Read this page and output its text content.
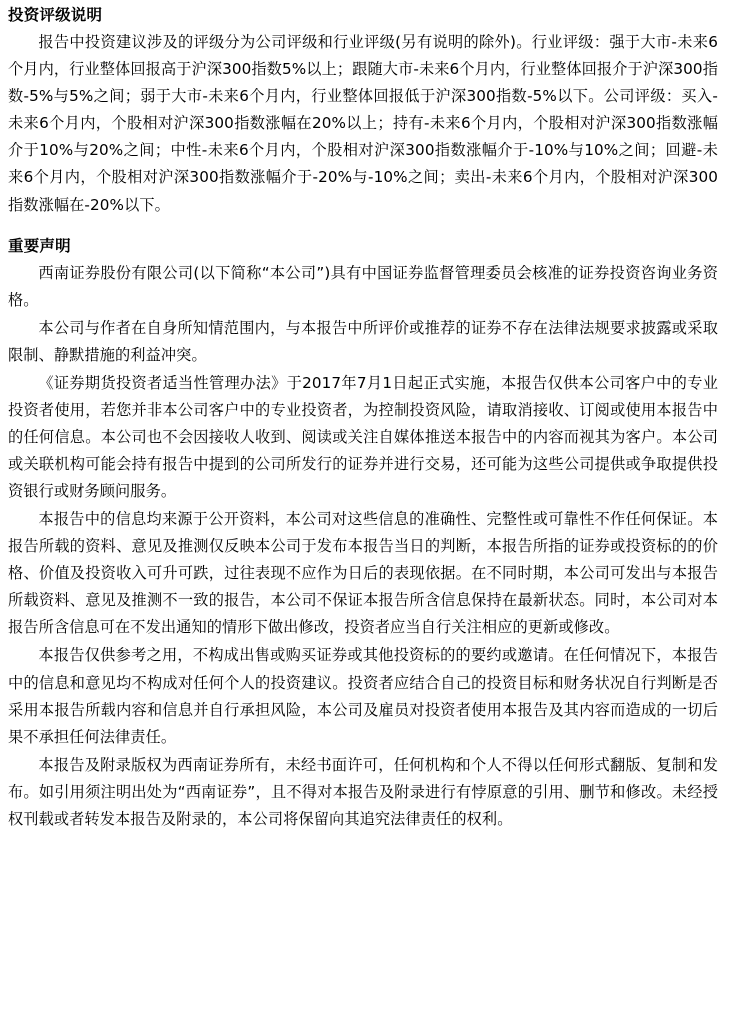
投资评级说明

报告中投资建议涉及的评级分为公司评级和行业评级(另有说明的除外)。行业评级：强于大市-未来6个月内，行业整体回报高于沪深300指数5%以上；跟随大市-未来6个月内，行业整体回报介于沪深300指数-5%与5%之间；弱于大市-未来6个月内，行业整体回报低于沪深300指数-5%以下。公司评级：买入-未来6个月内，个股相对沪深300指数涨幅在20%以上；持有-未来6个月内，个股相对沪深300指数涨幅介于10%与20%之间；中性-未来6个月内，个股相对沪深300指数涨幅介于-10%与10%之间；回避-未来6个月内，个股相对沪深300指数涨幅介于-20%与-10%之间；卖出-未来6个月内，个股相对沪深300指数涨幅在-20%以下。

重要声明

西南证券股份有限公司(以下简称“本公司”)具有中国证券监督管理委员会核准的证券投资咨询业务资格。

本公司与作者在自身所知情范围内，与本报告中所评价或推荐的证券不存在法律法规要求披露或采取限制、静默措施的利益冲突。

《证券期货投资者适当性管理办法》于2017年7月1日起正式实施，本报告仅供本公司客户中的专业投资者使用，若您并非本公司客户中的专业投资者，为控制投资风险，请取消接收、订阅或使用本报告中的任何信息。本公司也不会因接收人收到、阅读或关注自媒体推送本报告中的内容而视其为客户。本公司或关联机构可能会持有报告中提到的公司所发行的证券并进行交易，还可能为这些公司提供或争取提供投资银行或财务顾问服务。

本报告中的信息均来源于公开资料，本公司对这些信息的准确性、完整性或可靠性不作任何保证。本报告所载的资料、意见及推测仅反映本公司于发布本报告当日的判断，本报告所指的证券或投资标的的价格、价值及投资收入可升可跌，过往表现不应作为日后的表现依据。在不同时期，本公司可发出与本报告所载资料、意见及推测不一致的报告，本公司不保证本报告所含信息保持在最新状态。同时，本公司对本报告所含信息可在不发出通知的情形下做出修改，投资者应当自行关注相应的更新或修改。

本报告仅供参考之用，不构成出售或购买证券或其他投资标的的要约或邀请。在任何情况下，本报告中的信息和意见均不构成对任何个人的投资建议。投资者应结合自己的投资目标和财务状况自行判断是否采用本报告所载内容和信息并自行承担风险，本公司及雇员对投资者使用本报告及其内容而造成的一切后果不承担任何法律责任。

本报告及附录版权为西南证券所有，未经书面许可，任何机构和个人不得以任何形式翻版、复制和发布。如引用须注明出处为“西南证券”，且不得对本报告及附录进行有悖原意的引用、删节和修改。未经授权刊载或者转发本报告及附录的，本公司将保留向其追究法律责任的权利。
